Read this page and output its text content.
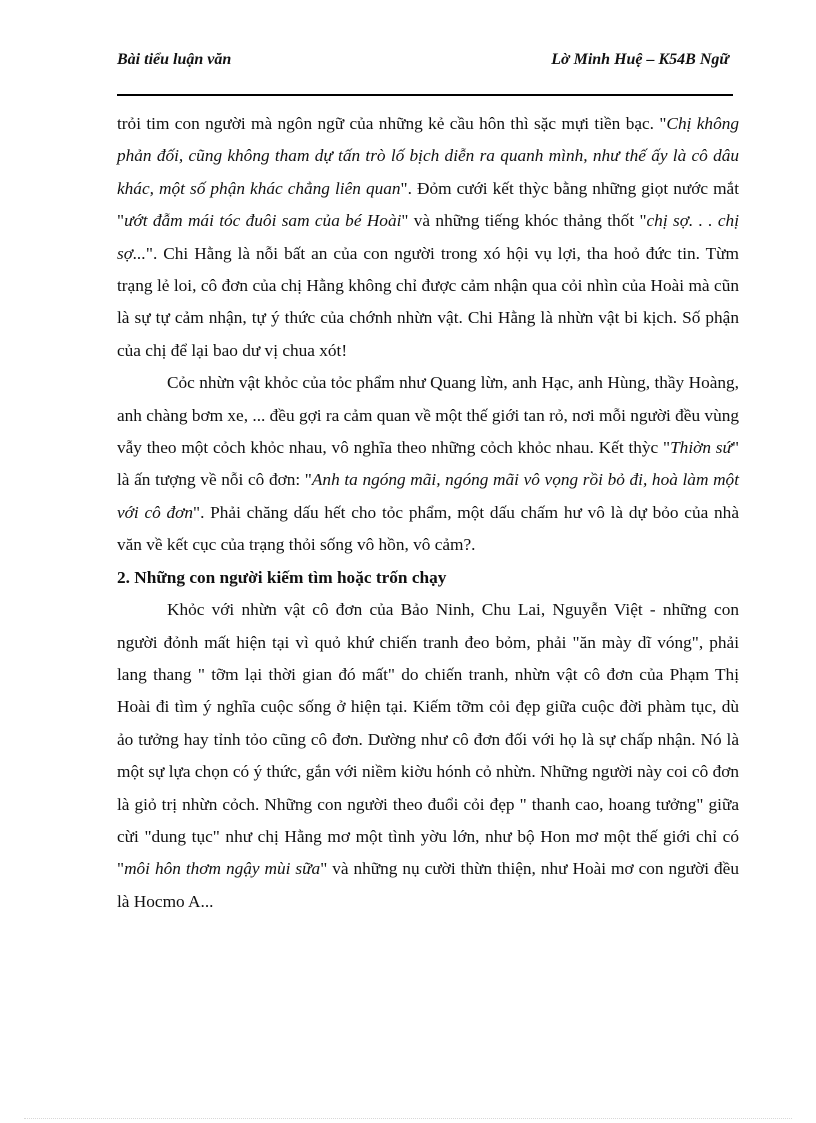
Bài tiểu luận văn	Lờ Minh Huệ – K54B Ngữ

trỏi tim con người mà ngôn ngữ của những kẻ cầu hôn thì sặc mựi tiền bạc. "Chị không phản đối, cũng không tham dự tấn trò lố bịch diễn ra quanh mình, như thế ấy là cô dâu khác, một số phận khác chẳng liên quan". Đỏm cưới kết thỳc bằng những giọt nước mắt "ướt đẫm mái tóc đuôi sam của bé Hoài" và những tiếng khóc thảng thốt "chị sợ. . . chị sợ...". Chi Hằng là nỗi bất an của con người trong xó hội vụ lợi, tha hoỏ đức tin. Từm trạng lẻ loi, cô đơn của chị Hằng không chỉ được cảm nhận qua cỏi nhìn của Hoài mà cũn là sự tự cảm nhận, tự ý thức của chớnh nhừn vật. Chi Hằng là nhừn vật bi kịch. Số phận của chị để lại bao dư vị chua xót!

Cỏc nhừn vật khỏc của tỏc phẩm như Quang lừn, anh Hạc, anh Hùng, thầy Hoàng, anh chàng bơm xe, ... đều gợi ra cảm quan về một thế giới tan rỏ, nơi mỗi người đều vùng vẫy theo một cỏch khỏc nhau, vô nghĩa theo những cỏch khỏc nhau. Kết thỳc "Thiờn sứ" là ấn tượng về nỗi cô đơn: "Anh ta ngóng mãi, ngóng mãi vô vọng rồi bỏ đi, hoà làm một với cô đơn". Phải chăng dấu hết cho tỏc phẩm, một dấu chấm hư vô là dự bỏo của nhà văn về kết cục của trạng thỏi sống vô hồn, vô cảm?.

2. Những con người kiếm tìm hoặc trốn chạy

Khỏc với nhừn vật cô đơn của Bảo Ninh, Chu Lai, Nguyễn Việt - những con người đỏnh mất hiện tại vì quỏ khứ chiến tranh đeo bỏm, phải "ăn mày dĩ vóng", phải lang thang " tỡm lại thời gian đó mất" do chiến tranh, nhừn vật cô đơn của Phạm Thị Hoài đi tìm ý nghĩa cuộc sống ở hiện tại. Kiếm tỡm cỏi đẹp giữa cuộc đời phàm tục, dù ảo tưởng hay tỉnh tỏo cũng cô đơn. Dường như cô đơn đối với họ là sự chấp nhận. Nó là một sự lựa chọn có ý thức, gắn với niềm kiờu hónh cỏ nhừn. Những người này coi cô đơn là giỏ trị nhừn cỏch. Những con người theo đuổi cỏi đẹp " thanh cao, hoang tưởng" giữa cừi "dung tục" như chị Hằng mơ một tình yờu lớn, như bộ Hon mơ một thế giới chỉ có "môi hôn thơm ngậy mùi sữa" và những nụ cười thừn thiện, như Hoài mơ con người đều là Hocmo A...
